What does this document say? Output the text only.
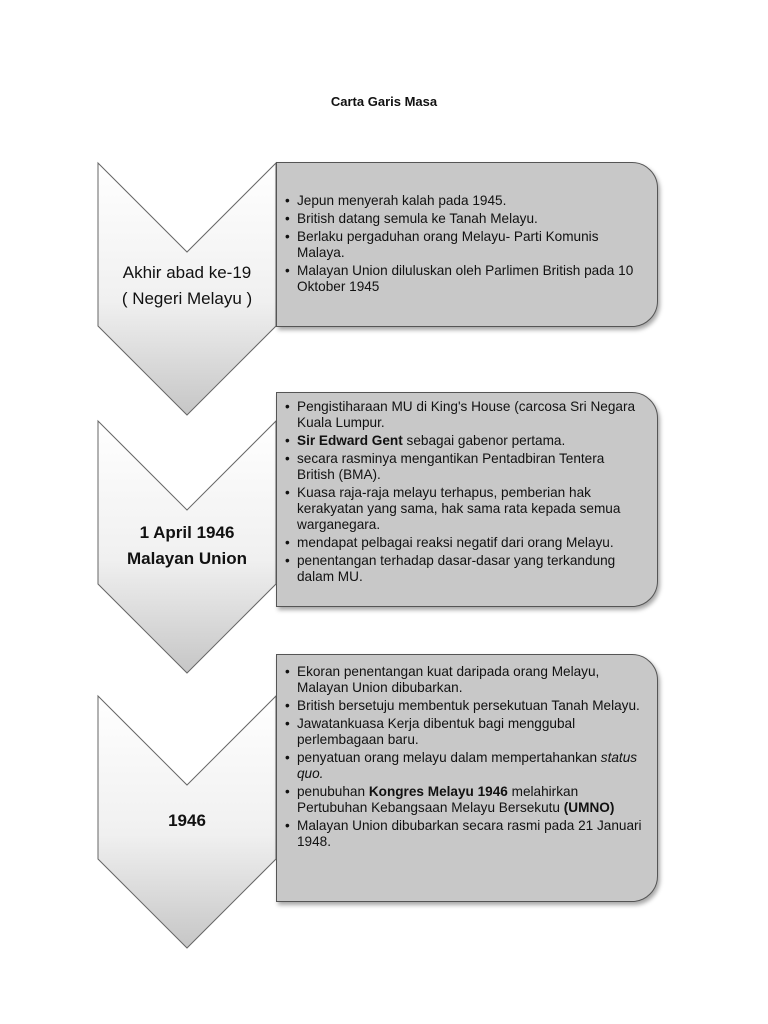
Carta Garis Masa
Akhir abad ke-19
( Negeri Melayu )
• Jepun menyerah kalah pada 1945.
• British datang semula ke Tanah Melayu.
• Berlaku pergaduhan orang Melayu- Parti Komunis Malaya.
• Malayan Union diluluskan oleh Parlimen British pada 10 Oktober 1945
1 April 1946
Malayan Union
• Pengistiharaan MU di King's House (carcosa Sri Negara Kuala Lumpur.
• Sir Edward Gent sebagai gabenor pertama.
• secara rasminya mengantikan Pentadbiran Tentera British (BMA).
• Kuasa raja-raja melayu terhapus, pemberian hak kerakyatan yang sama, hak sama rata kepada semua warganegara.
• mendapat pelbagai reaksi negatif dari orang Melayu.
• penentangan terhadap dasar-dasar yang terkandung dalam MU.
1946
• Ekoran penentangan kuat daripada orang Melayu, Malayan Union dibubarkan.
• British bersetuju membentuk persekutuan Tanah Melayu.
• Jawatankuasa Kerja dibentuk bagi menggubal perlembagaan baru.
• penyatuan orang melayu dalam mempertahankan status quo.
• penubuhan Kongres Melayu 1946 melahirkan Pertubuhan Kebangsaan Melayu Bersekutu (UMNO)
• Malayan Union dibubarkan secara rasmi pada 21 Januari 1948.
